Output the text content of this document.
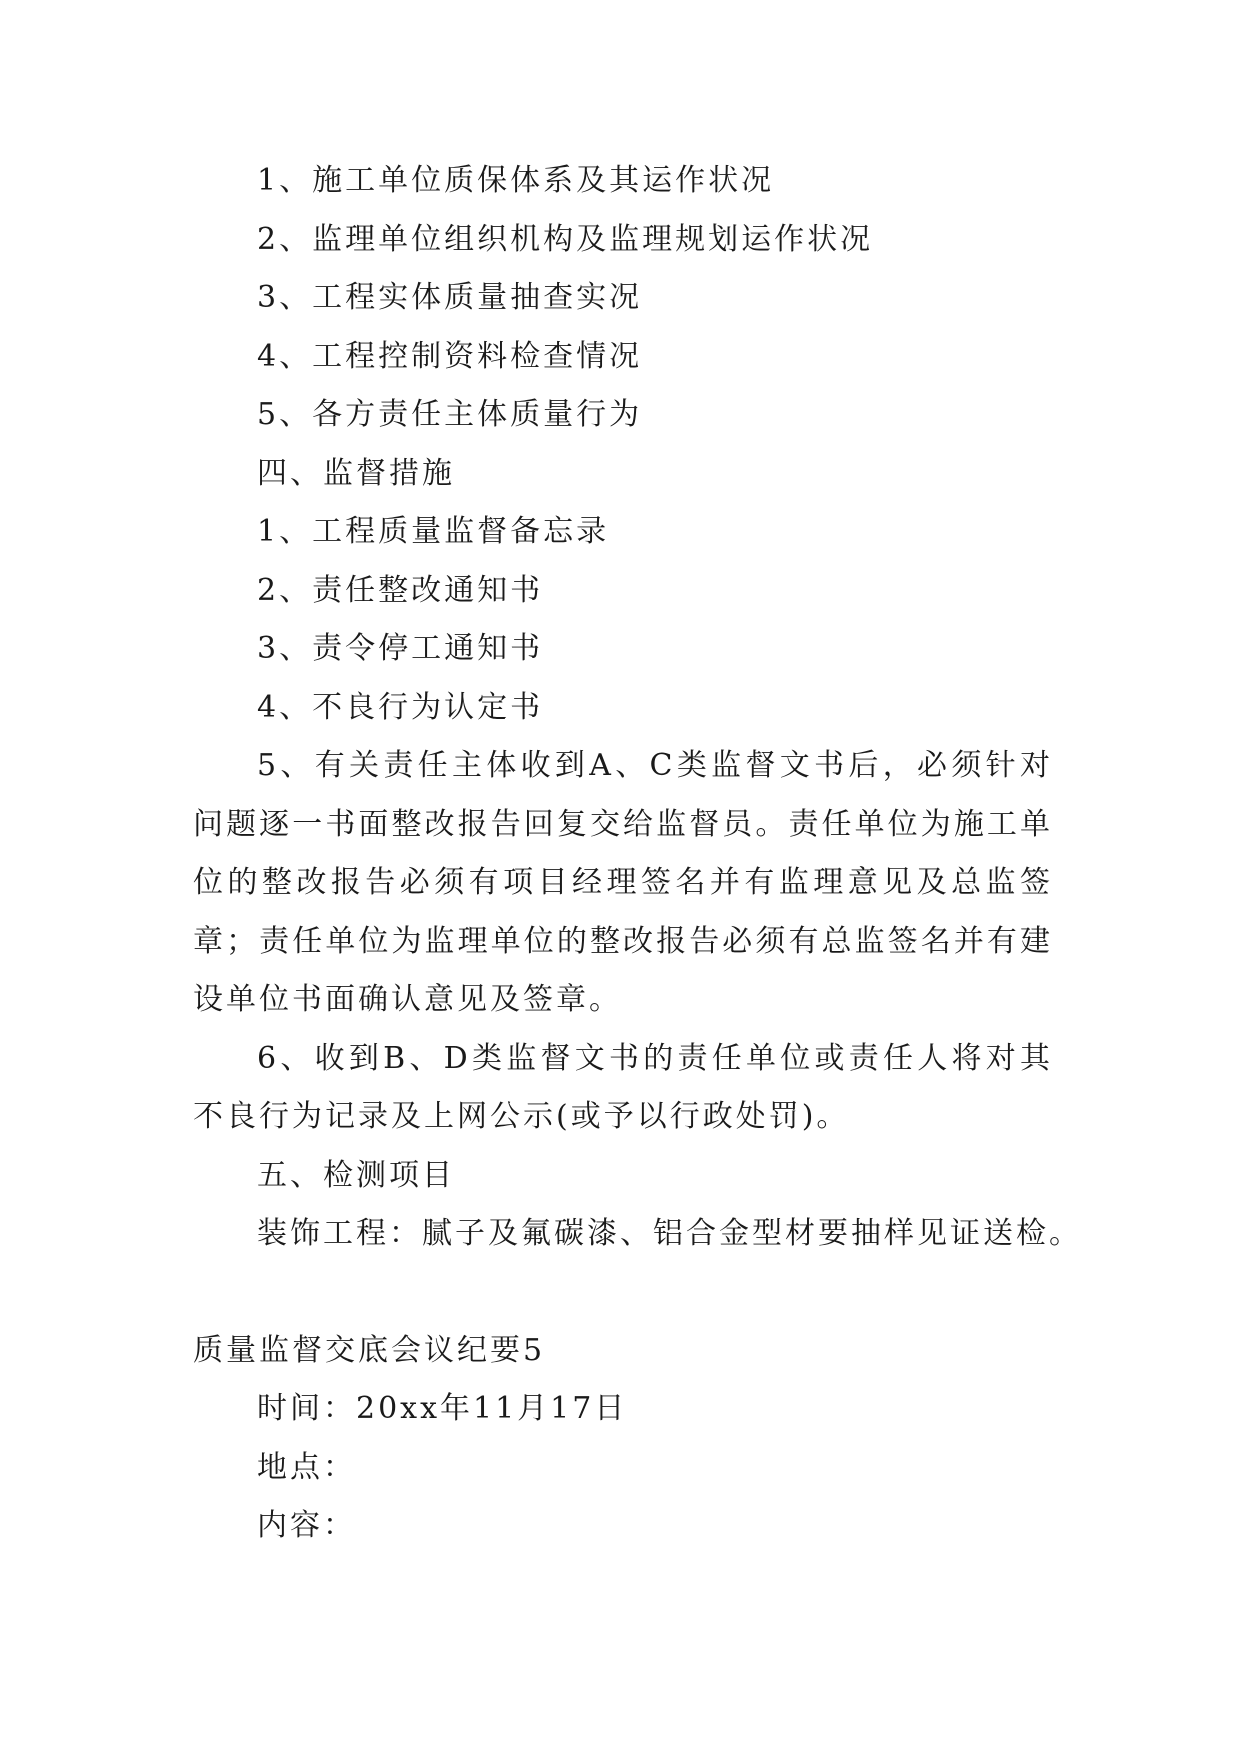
1、施工单位质保体系及其运作状况

2、监理单位组织机构及监理规划运作状况

3、工程实体质量抽查实况

4、工程控制资料检查情况

5、各方责任主体质量行为

四、监督措施

1、工程质量监督备忘录

2、责任整改通知书

3、责令停工通知书

4、不良行为认定书

5、有关责任主体收到A、C类监督文书后，必须针对问题逐一书面整改报告回复交给监督员。责任单位为施工单位的整改报告必须有项目经理签名并有监理意见及总监签章；责任单位为监理单位的整改报告必须有总监签名并有建设单位书面确认意见及签章。

6、收到B、D类监督文书的责任单位或责任人将对其不良行为记录及上网公示(或予以行政处罚)。

五、检测项目

装饰工程：腻子及氟碳漆、铝合金型材要抽样见证送检。

质量监督交底会议纪要5

时间：20xx年11月17日

地点：

内容：
